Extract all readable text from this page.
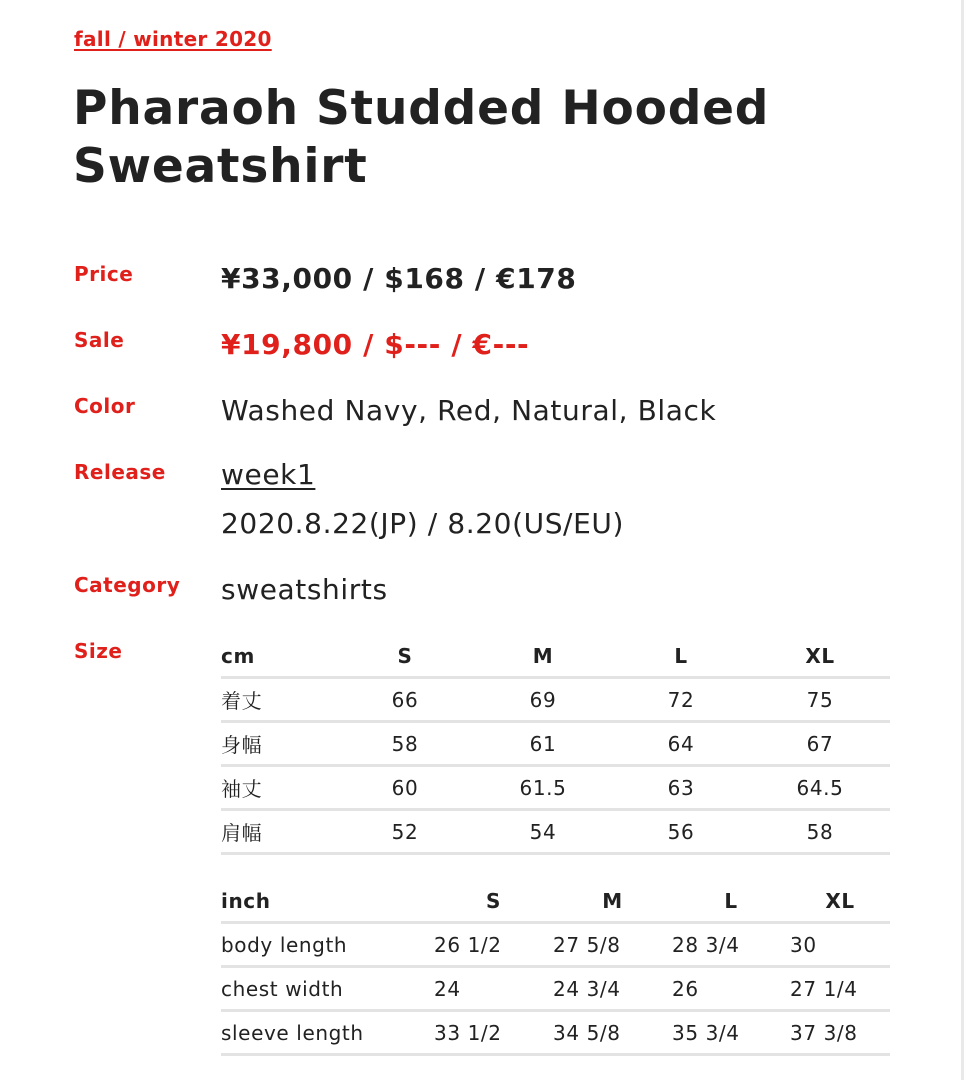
fall / winter 2020
Pharaoh Studded Hooded Sweatshirt
Price	¥33,000 / $168 / €178
Sale	¥19,800 / $--- / €---
Color	Washed Navy, Red, Natural, Black
Release week1
2020.8.22(JP) / 8.20(US/EU)
Category sweatshirts
Size	cm	S	M	L	XL
着丈	66	69	72	75
身幅	58	61	64	67
袖丈	60	61.5	63	64.5
肩幅	52	54	56	58
inch	S	M	L	XL
body length	26 1/2	27 5/8	28 3/4	30
chest width	24	24 3/4	26	27 1/4
sleeve length	33 1/2	34 5/8	35 3/4	37 3/8
